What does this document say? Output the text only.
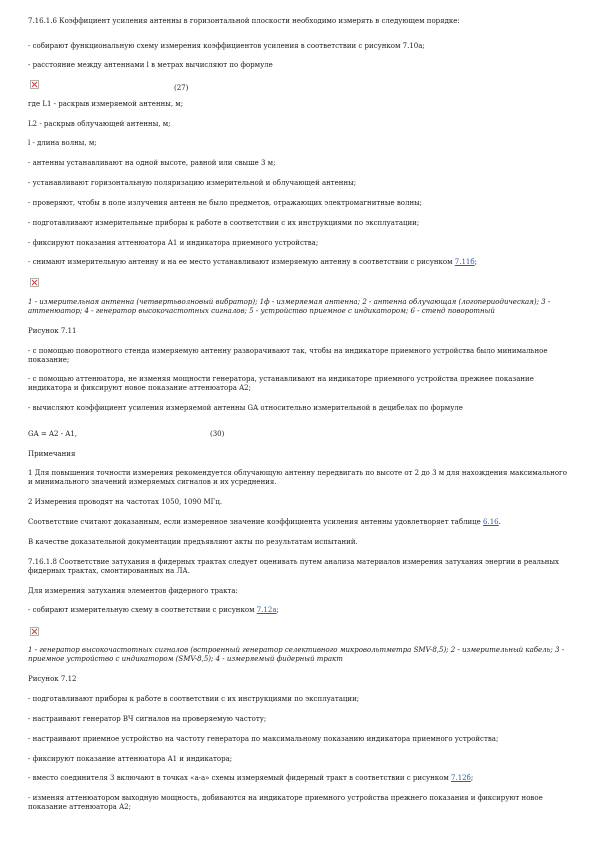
7.16.1.6 Коэффициент усиления антенны в горизонтальной плоскости необходимо измерять в следующем порядке:
- собирают функциональную схему измерения коэффициентов усиления в соответствии с рисунком 7.10а;
- расстояние между антеннами l в метрах вычисляют по формуле
(27)
где L1 - раскрыв измеряемой антенны, м;
L2 - раскрыв облучающей антенны, м;
l - длина волны, м;
- антенны устанавливают на одной высоте, равной или свыше 3 м;
- устанавливают горизонтальную поляризацию измерительной и облучающей антенны;
- проверяют, чтобы в поле излучения антенн не было предметов, отражающих электромагнитные волны;
- подготавливают измерительные приборы к работе в соответствии с их инструкциями по эксплуатации;
- фиксируют показания аттенюатора A1 и индикатора приемного устройства;
- снимают измерительную антенну и на ее место устанавливают измеряемую антенну в соответствии с рисунком 7.11б;
1 - измерительная антенна (четвертьволновый вибратор); 1ф - измеряемая антенна; 2 - антенна облучающая (логопериодическая); 3 - аттенюатор; 4 - генератор высокочастотных сигналов; 5 - устройство приемное с индикатором; 6 - стенд поворотный
Рисунок 7.11
- с помощью поворотного стенда измеряемую антенну разворачивают так, чтобы на индикаторе приемного устройства было минимальное показание;
- с помощью аттенюатора, не изменяя мощности генератора, устанавливают на индикаторе приемного устройства прежнее показание индикатора и фиксируют новое показание аттенюатора A2;
- вычисляют коэффициент усиления измеряемой антенны GA относительно измерительной в децибелах по формуле
GA = A2 - A1,	(30)
Примечания
1 Для повышения точности измерения рекомендуется облучающую антенну передвигать по высоте от 2 до 3 м для нахождения максимального и минимального значений измеряемых сигналов и их усреднения.
2 Измерения проводят на частотах 1050, 1090 МГц.
Соответствие считают доказанным, если измеренное значение коэффициента усиления антенны удовлетворяет таблице 6.16.
В качестве доказательной документации предъявляют акты по результатам испытаний.
7.16.1.8 Соответствие затухания в фидерных трактах следует оценивать путем анализа материалов измерения затухания энергии в реальных фидерных трактах, смонтированных на ЛА.
Для измерения затухания элементов фидерного тракта:
- собирают измерительную схему в соответствии с рисунком 7.12а;
1 - генератор высокочастотных сигналов (встроенный генератор селективного микровольтметра SMV-8,5); 2 - измерительный кабель; 3 - приемное устройство с индикатором (SMV-8,5); 4 - измеряемый фидерный тракт
Рисунок 7.12
- подготавливают приборы к работе в соответствии с их инструкциями по эксплуатации;
- настраивают генератор ВЧ сигналов на проверяемую частоту;
- настраивают приемное устройство на частоту генератора по максимальному показанию индикатора приемного устройства;
- фиксируют показание аттенюатора A1 и индикатора;
- вместо соединителя 3 включают в точках «а-а» схемы измеряемый фидерный тракт в соответствии с рисунком 7.12б;
- изменяя аттенюатором выходную мощность, добиваются на индикаторе приемного устройства прежнего показания и фиксируют новое показание аттенюатора A2;
